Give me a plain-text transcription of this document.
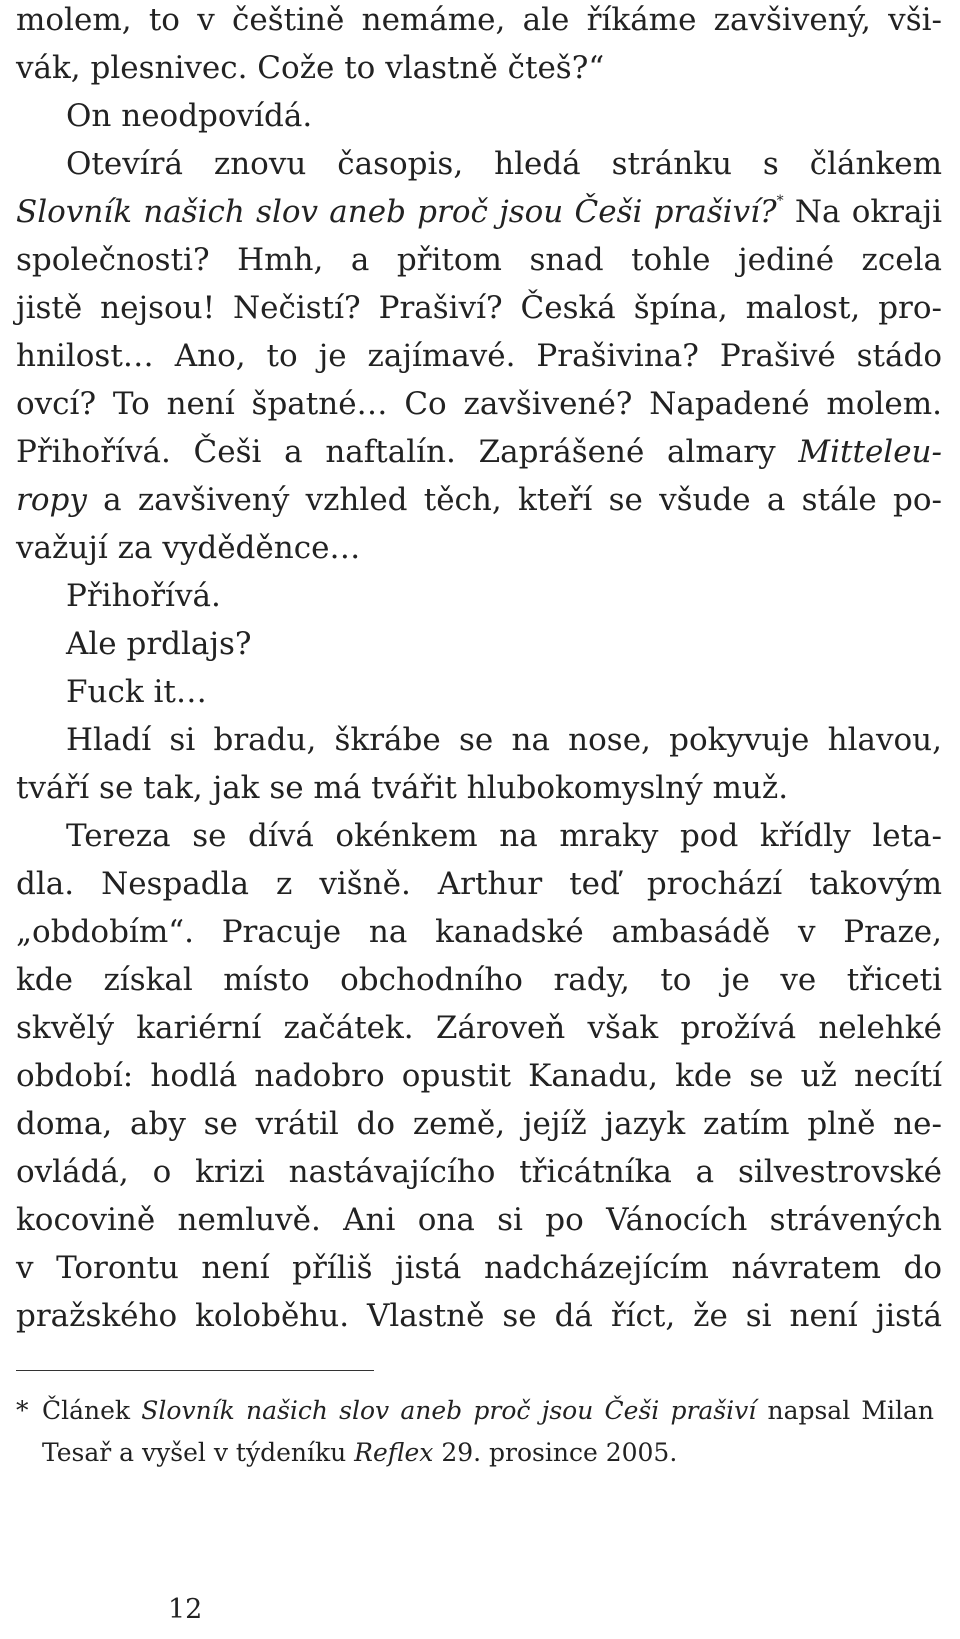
molem, to v češtině nemáme, ale říkáme zavšivený, vši-
vák, plesnivec. Cože to vlastně čteš?“
On neodpovídá.
Otevírá znovu časopis, hledá stránku s článkem
Slovník našich slov aneb proč jsou Češi prašiví?* Na okraji
společnosti? Hmh, a přitom snad tohle jediné zcela
jistě nejsou! Nečistí? Prašiví? Česká špína, malost, pro-
hnilost… Ano, to je zajímavé. Prašivina? Prašivé stádo
ovcí? To není špatné… Co zavšivené? Napadené molem.
Přihořívá. Češi a naftalín. Zaprášené almary Mitteleu-
ropy a zavšivený vzhled těch, kteří se všude a stále po-
važují za vyděděnce…
Přihořívá.
Ale prdlajs?
Fuck it…
Hladí si bradu, škrábe se na nose, pokyvuje hlavou,
tváří se tak, jak se má tvářit hlubokomyslný muž.
Tereza se dívá okénkem na mraky pod křídly leta-
dla. Nespadla z višně. Arthur teď prochází takovým
„obdobím“. Pracuje na kanadské ambasádě v Praze,
kde získal místo obchodního rady, to je ve třiceti
skvělý kariérní začátek. Zároveň však prožívá nelehké
období: hodlá nadobro opustit Kanadu, kde se už necítí
doma, aby se vrátil do země, jejíž jazyk zatím plně ne-
ovládá, o krizi nastávajícího třicátníka a silvestrovské
kocovině nemluvě. Ani ona si po Vánocích strávených
v Torontu není příliš jistá nadcházejícím návratem do
pražského koloběhu. Vlastně se dá říct, že si není jistá
* Článek Slovník našich slov aneb proč jsou Češi prašiví napsal Milan
Tesař a vyšel v týdeníku Reflex 29. prosince 2005.
12
